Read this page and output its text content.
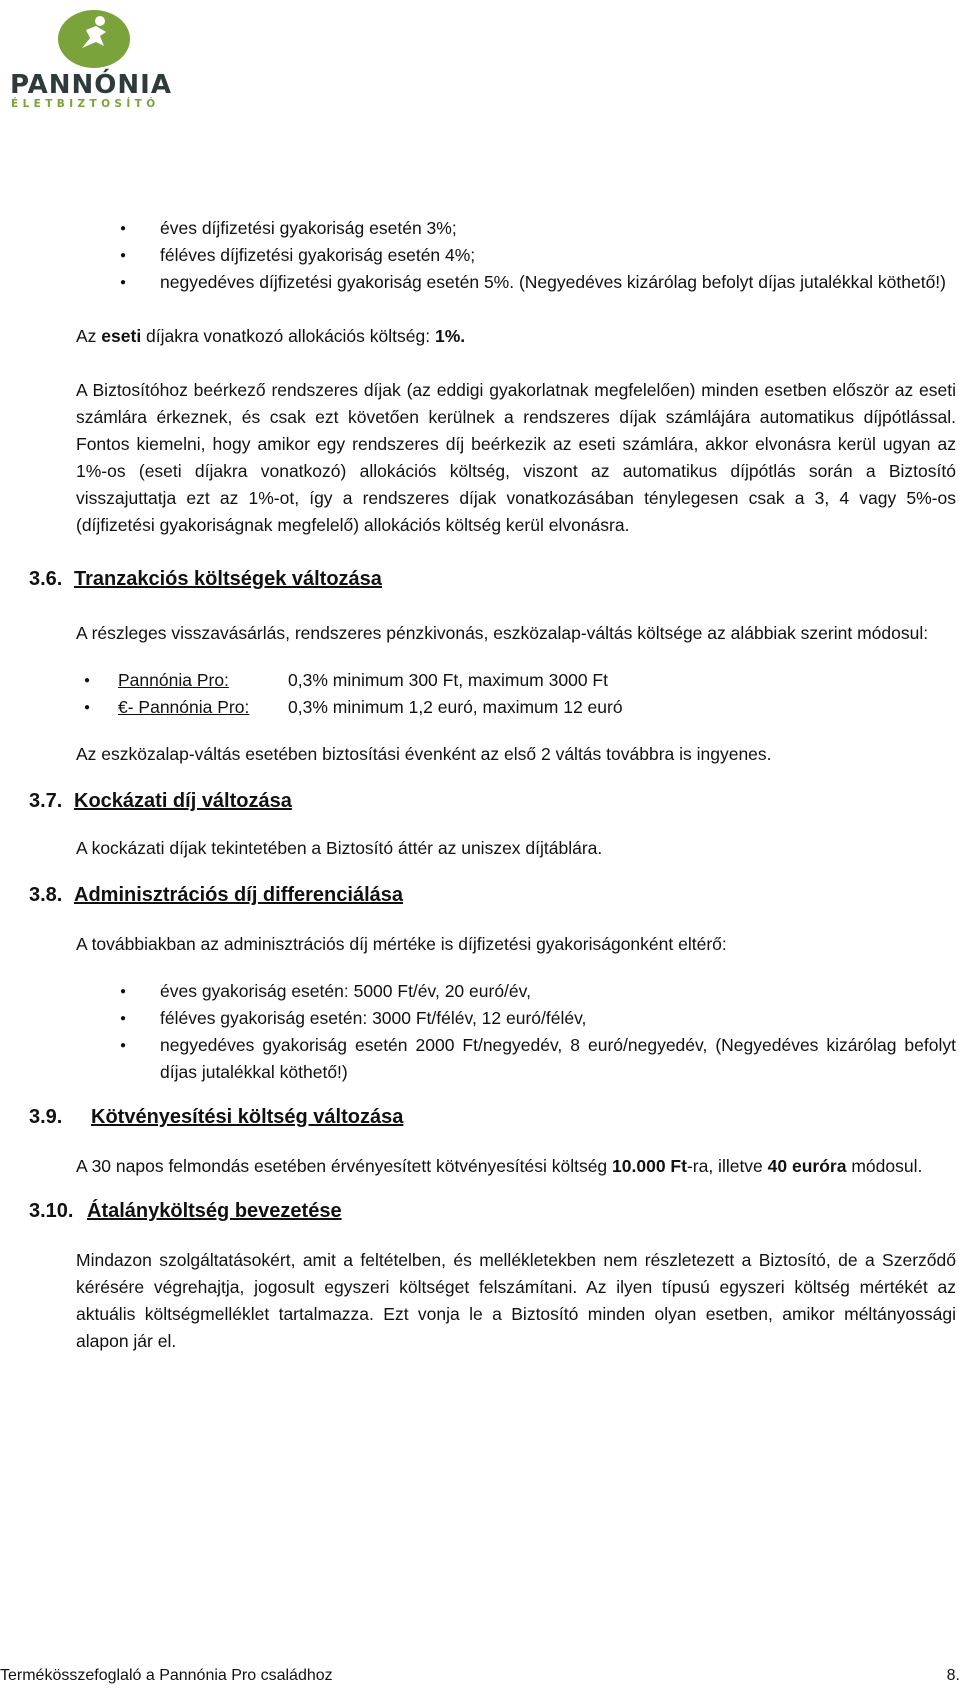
PANNÓNIA
ÉLETBIZTOSÍTÓ
● éves díjfizetési gyakoriság esetén 3%;
● féléves díjfizetési gyakoriság esetén 4%;
● negyedéves díjfizetési gyakoriság esetén 5%. (Negyedéves kizárólag befolyt díjas jutalékkal köthető!)

Az eseti díjakra vonatkozó allokációs költség: 1%.

A Biztosítóhoz beérkező rendszeres díjak (az eddigi gyakorlatnak megfelelően) minden esetben először az eseti számlára érkeznek, és csak ezt követően kerülnek a rendszeres díjak számlájára automatikus díjpótlással. Fontos kiemelni, hogy amikor egy rendszeres díj beérkezik az eseti számlára, akkor elvonásra kerül ugyan az 1%-os (eseti díjakra vonatkozó) allokációs költség, viszont az automatikus díjpótlás során a Biztosító visszajuttatja ezt az 1%-ot, így a rendszeres díjak vonatkozásában ténylegesen csak a 3, 4 vagy 5%-os (díjfizetési gyakoriságnak megfelelő) allokációs költség kerül elvonásra.

3.6. Tranzakciós költségek változása

A részleges visszavásárlás, rendszeres pénzkivonás, eszközalap-váltás költsége az alábbiak szerint módosul:

● Pannónia Pro:	0,3% minimum 300 Ft, maximum 3000 Ft
● €- Pannónia Pro:	0,3% minimum 1,2 euró, maximum 12 euró

Az eszközalap-váltás esetében biztosítási évenként az első 2 váltás továbbra is ingyenes.

3.7. Kockázati díj változása

A kockázati díjak tekintetében a Biztosító áttér az uniszex díjtáblára.

3.8. Adminisztrációs díj differenciálása

A továbbiakban az adminisztrációs díj mértéke is díjfizetési gyakoriságonként eltérő:

● éves gyakoriság esetén: 5000 Ft/év, 20 euró/év,
● féléves gyakoriság esetén: 3000 Ft/félév, 12 euró/félév,
● negyedéves gyakoriság esetén 2000 Ft/negyedév, 8 euró/negyedév, (Negyedéves kizárólag befolyt díjas jutalékkal köthető!)
3.9. Kötvényesítési költség változása

A 30 napos felmondás esetében érvényesített kötvényesítési költség 10.000 Ft-ra, illetve 40 euróra módosul.

3.10. Átalányköltség bevezetése

Mindazon szolgáltatásokért, amit a feltételben, és mellékletekben nem részletezett a Biztosító, de a Szerződő kérésére végrehajtja, jogosult egyszeri költséget felszámítani. Az ilyen típusú egyszeri költség mértékét az aktuális költségmelléklet tartalmazza. Ezt vonja le a Biztosító minden olyan esetben, amikor méltányossági alapon jár el.

Termékösszefoglaló a Pannónia Pro családhoz	8.
